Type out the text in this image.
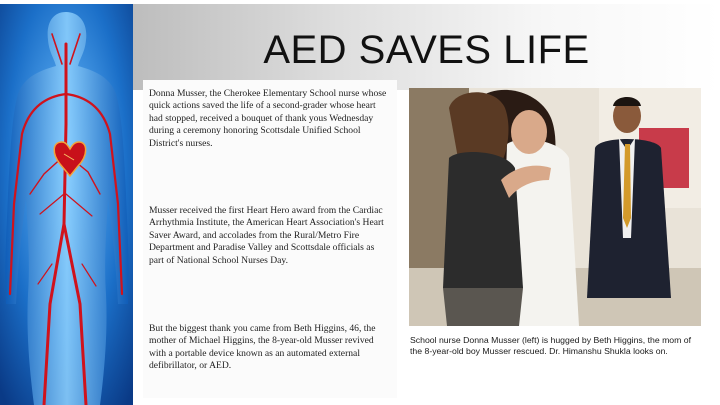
AED SAVES LIFE

Donna Musser, the Cherokee Elementary School nurse whose quick actions saved the life of a second-grader whose heart had stopped, received a bouquet of thank yous Wednesday during a ceremony honoring Scottsdale Unified School District's nurses.

Musser received the first Heart Hero award from the Cardiac Arrhythmia Institute, the American Heart Association's Heart Saver Award, and accolades from the Rural/Metro Fire Department and Paradise Valley and Scottsdale officials as part of National School Nurses Day.

But the biggest thank you came from Beth Higgins, 46, the mother of Michael Higgins, the 8-year-old Musser revived with a portable device known as an automated external defibrillator, or AED.

School nurse Donna Musser (left) is hugged by Beth Higgins, the mom of the 8-year-old boy Musser rescued. Dr. Himanshu Shukla looks on.
